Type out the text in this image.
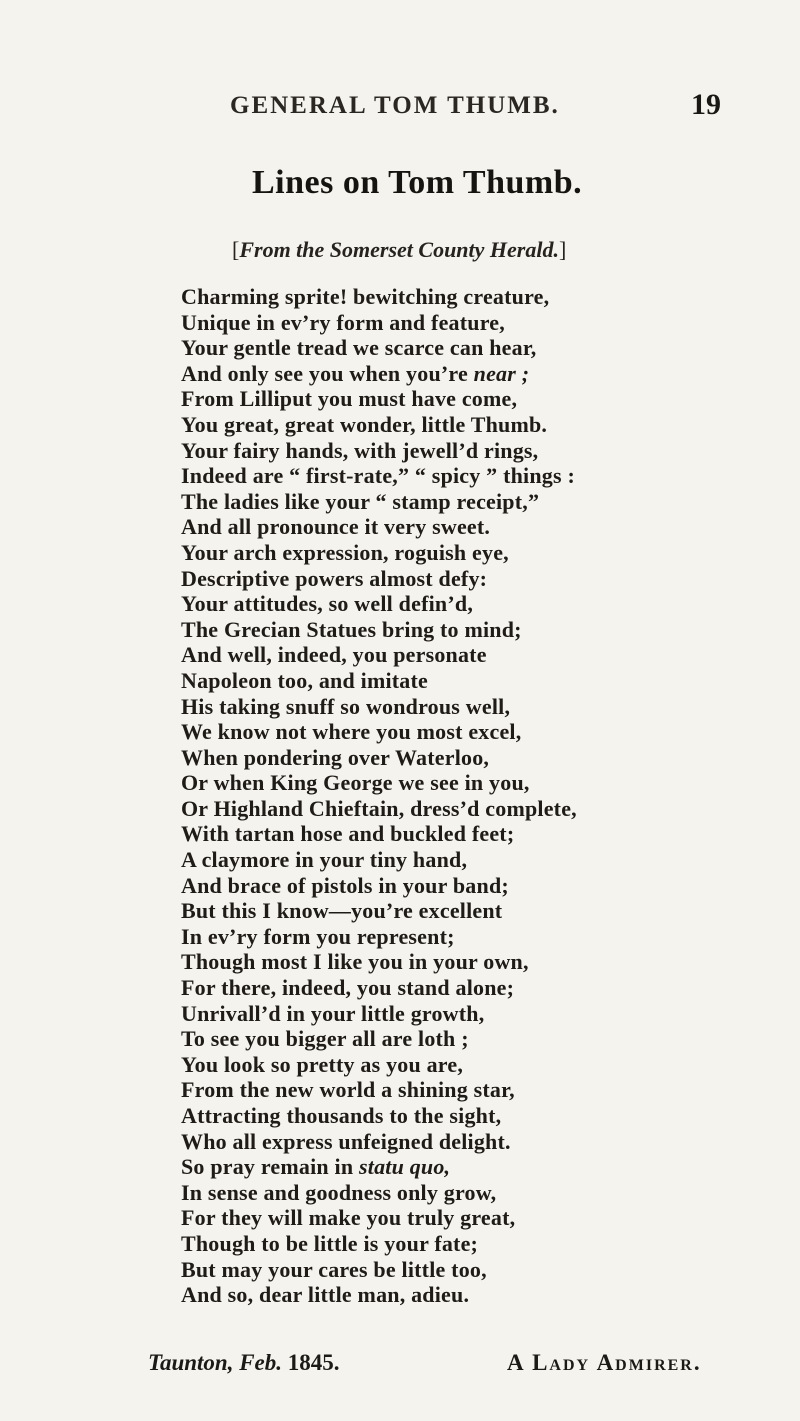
GENERAL TOM THUMB.	19
Lines on Tom Thumb.
[From the Somerset County Herald.]
Charming sprite! bewitching creature,
Unique in ev’ry form and feature,
Your gentle tread we scarce can hear,
And only see you when you’re near ;
From Lilliput you must have come,
You great, great wonder, little Thumb.
Your fairy hands, with jewell’d rings,
Indeed are “ first-rate,” “ spicy ” things :
The ladies like your “ stamp receipt,”
And all pronounce it very sweet.
Your arch expression, roguish eye,
Descriptive powers almost defy:
Your attitudes, so well defin’d,
The Grecian Statues bring to mind;
And well, indeed, you personate
Napoleon too, and imitate
His taking snuff so wondrous well,
We know not where you most excel,
When pondering over Waterloo,
Or when King George we see in you,
Or Highland Chieftain, dress’d complete,
With tartan hose and buckled feet;
A claymore in your tiny hand,
And brace of pistols in your band;
But this I know—you’re excellent
In ev’ry form you represent;
Though most I like you in your own,
For there, indeed, you stand alone;
Unrivall’d in your little growth,
To see you bigger all are loth ;
You look so pretty as you are,
From the new world a shining star,
Attracting thousands to the sight,
Who all express unfeigned delight.
So pray remain in statu quo,
In sense and goodness only grow,
For they will make you truly great,
Though to be little is your fate;
But may your cares be little too,
And so, dear little man, adieu.
Taunton, Feb. 1845.	A Lady Admirer.
